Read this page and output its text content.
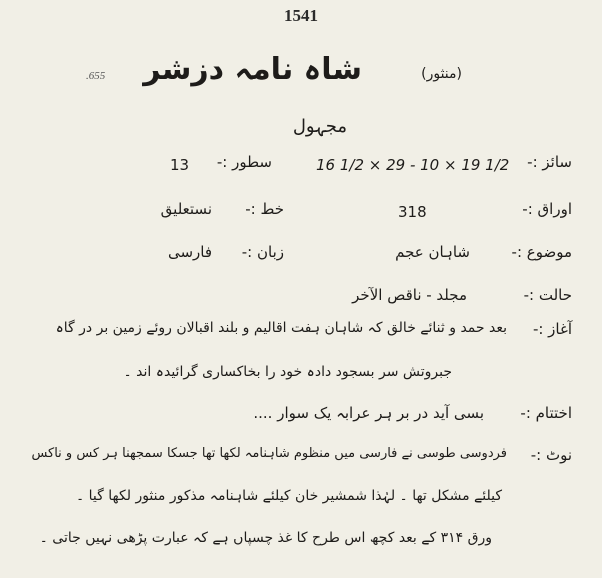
1541
.655 شاہ نامہ دزشر	(منثور)
مجہول
سائز :-
16 1/2 × 29 - 10 × 19 1/2
سطور :-
13
اوراق :-
318
خط :-
نستعلیق
موضوع :-
شاہان عجم
زبان :-
فارسی
حالت :-
مجلد - ناقص الآخر
آغاز :-
بعد حمد و ثنائے خالق کہ شاہان ہفت اقالیم و بلند اقبالان روئے زمین بر در گاہ
جبروتش سر بسجود دادہ خود را بخاکساری گرائیدہ اند ۔
اختتام :-
بسی آید در بر ہر عرابہ یک سوار ....
نوٹ :-
فردوسی طوسی نے فارسی میں منظوم شاہنامہ لکھا تھا جسکا سمجھنا ہر کس و ناکس
کیلئے مشکل تھا ۔ لہٰذا شمشیر خان کیلئے شاہنامہ مذکور منثور لکھا گیا ۔
ورق ۳۱۴ کے بعد کچھ اس طرح کا غذ چسپاں ہے کہ عبارت پڑھی نہیں جاتی ۔
